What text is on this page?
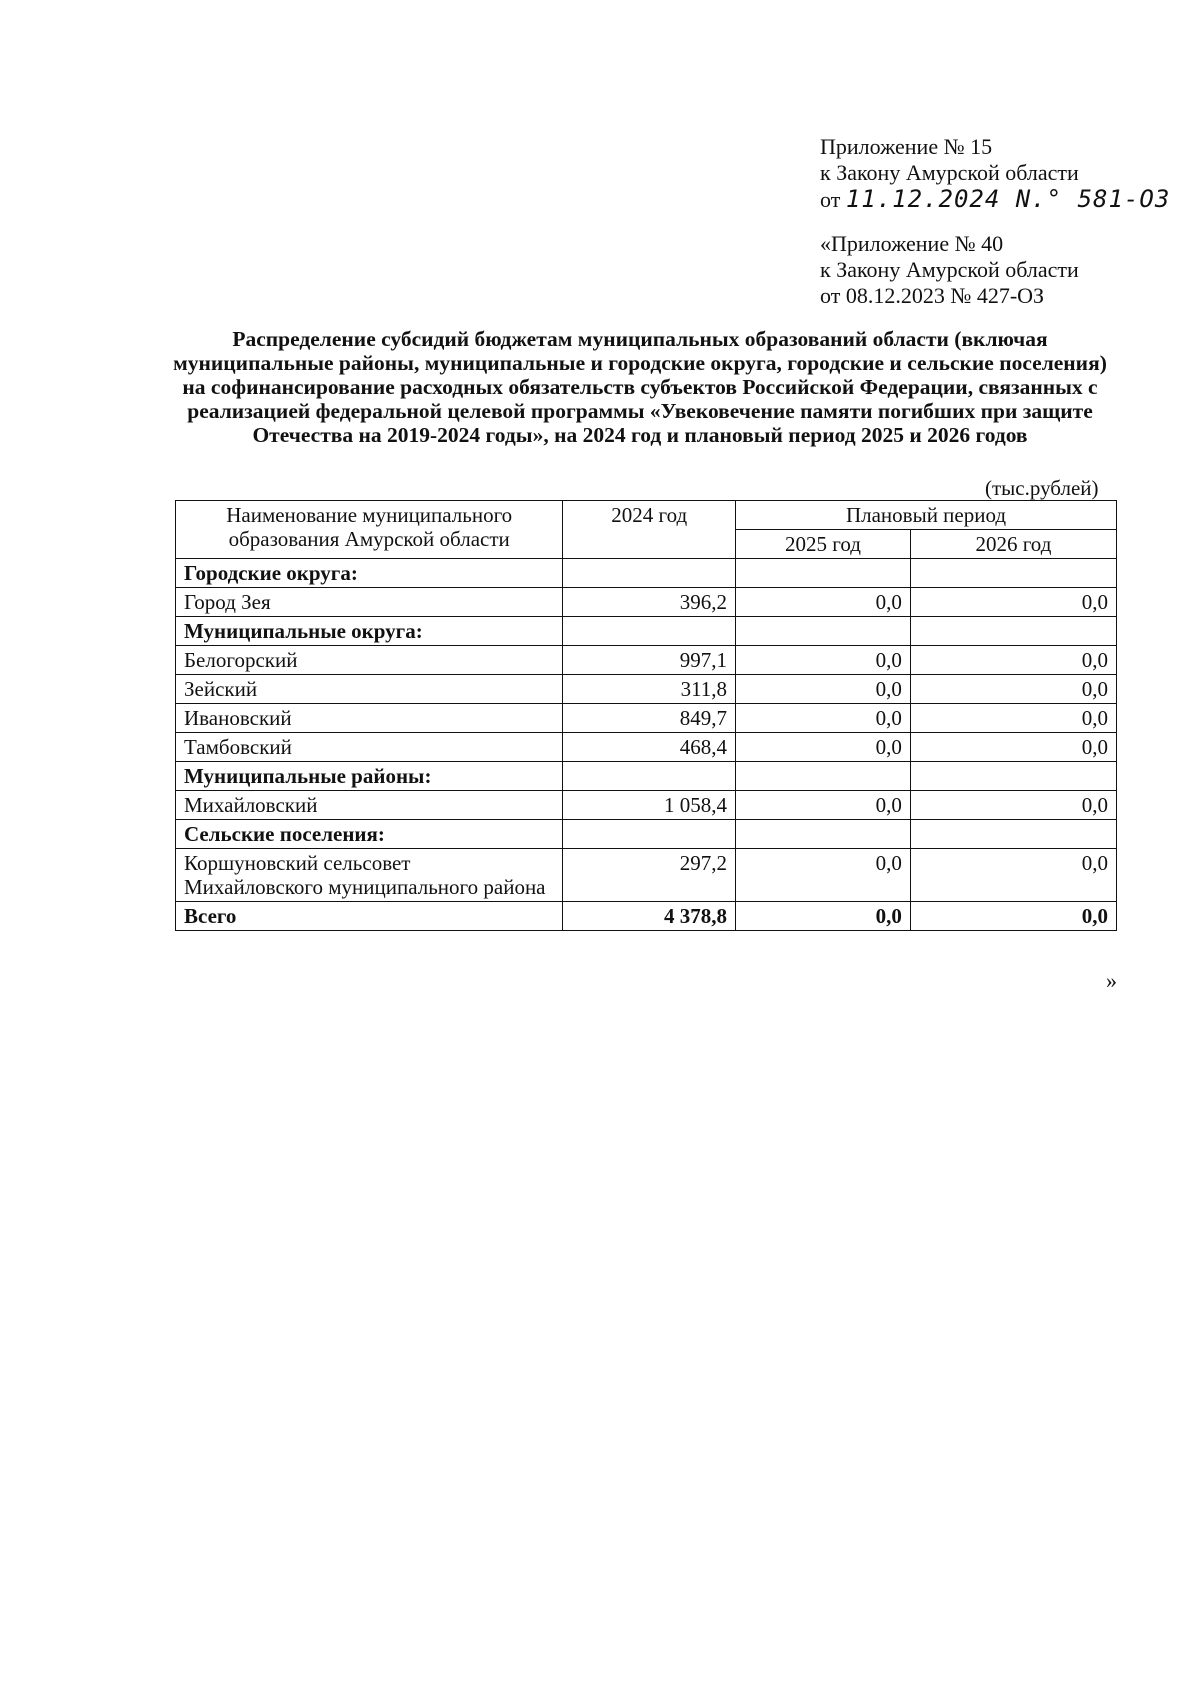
Приложение № 15
к Закону Амурской области
от 11.12.2024 N.° 581-ОЗ
«Приложение № 40
к Закону Амурской области
от 08.12.2023 № 427-ОЗ
Распределение субсидий бюджетам муниципальных образований области (включая муниципальные районы, муниципальные и городские округа, городские и сельские поселения) на софинансирование расходных обязательств субъектов Российской Федерации, связанных с реализацией федеральной целевой программы «Увековечение памяти погибших при защите Отечества на 2019-2024 годы», на 2024 год и плановый период 2025 и 2026 годов
(тыс.рублей)
Наименование муниципального образования Амурской области	2024 год	Плановый период	
		2025 год	2026 год
Городские округа:			
Город Зея	396,2	0,0	0,0
Муниципальные округа:			
Белогорский	997,1	0,0	0,0
Зейский	311,8	0,0	0,0
Ивановский	849,7	0,0	0,0
Тамбовский	468,4	0,0	0,0
Муниципальные районы:			
Михайловский	1 058,4	0,0	0,0
Сельские поселения:			
Коршуновский сельсовет Михайловского муниципального района	297,2	0,0	0,0
Всего	4 378,8	0,0	0,0
»
